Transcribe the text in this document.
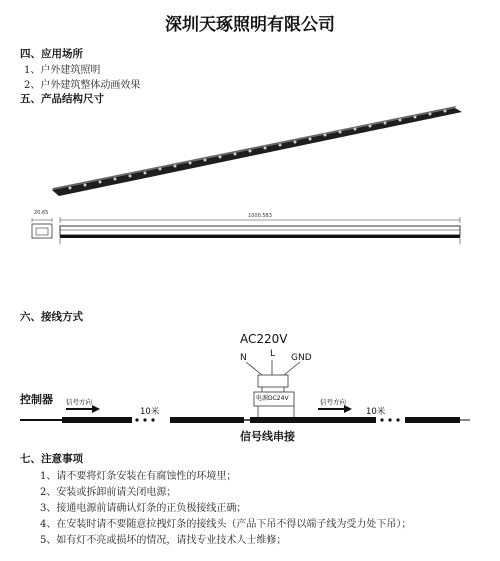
深圳天琢照明有限公司
四、应用场所
1、户外建筑照明
2、户外建筑整体动画效果
五、产品结构尺寸
20.65	1000.583
六、接线方式
AC220V
N	L GND
电源DC24V
控制器 信号方向	信号方向
10米	10米
信号线串接
七、注意事项
1、请不要将灯条安装在有腐蚀性的环境里；
2、安装或拆卸前请关闭电源；
3、接通电源前请确认灯条的正负极接线正确；
4、在安装时请不要随意拉拽灯条的接线头（产品下吊不得以端子线为受力处下吊）；
5、如有灯不亮或损坏的情况，请找专业技术人士维修；
